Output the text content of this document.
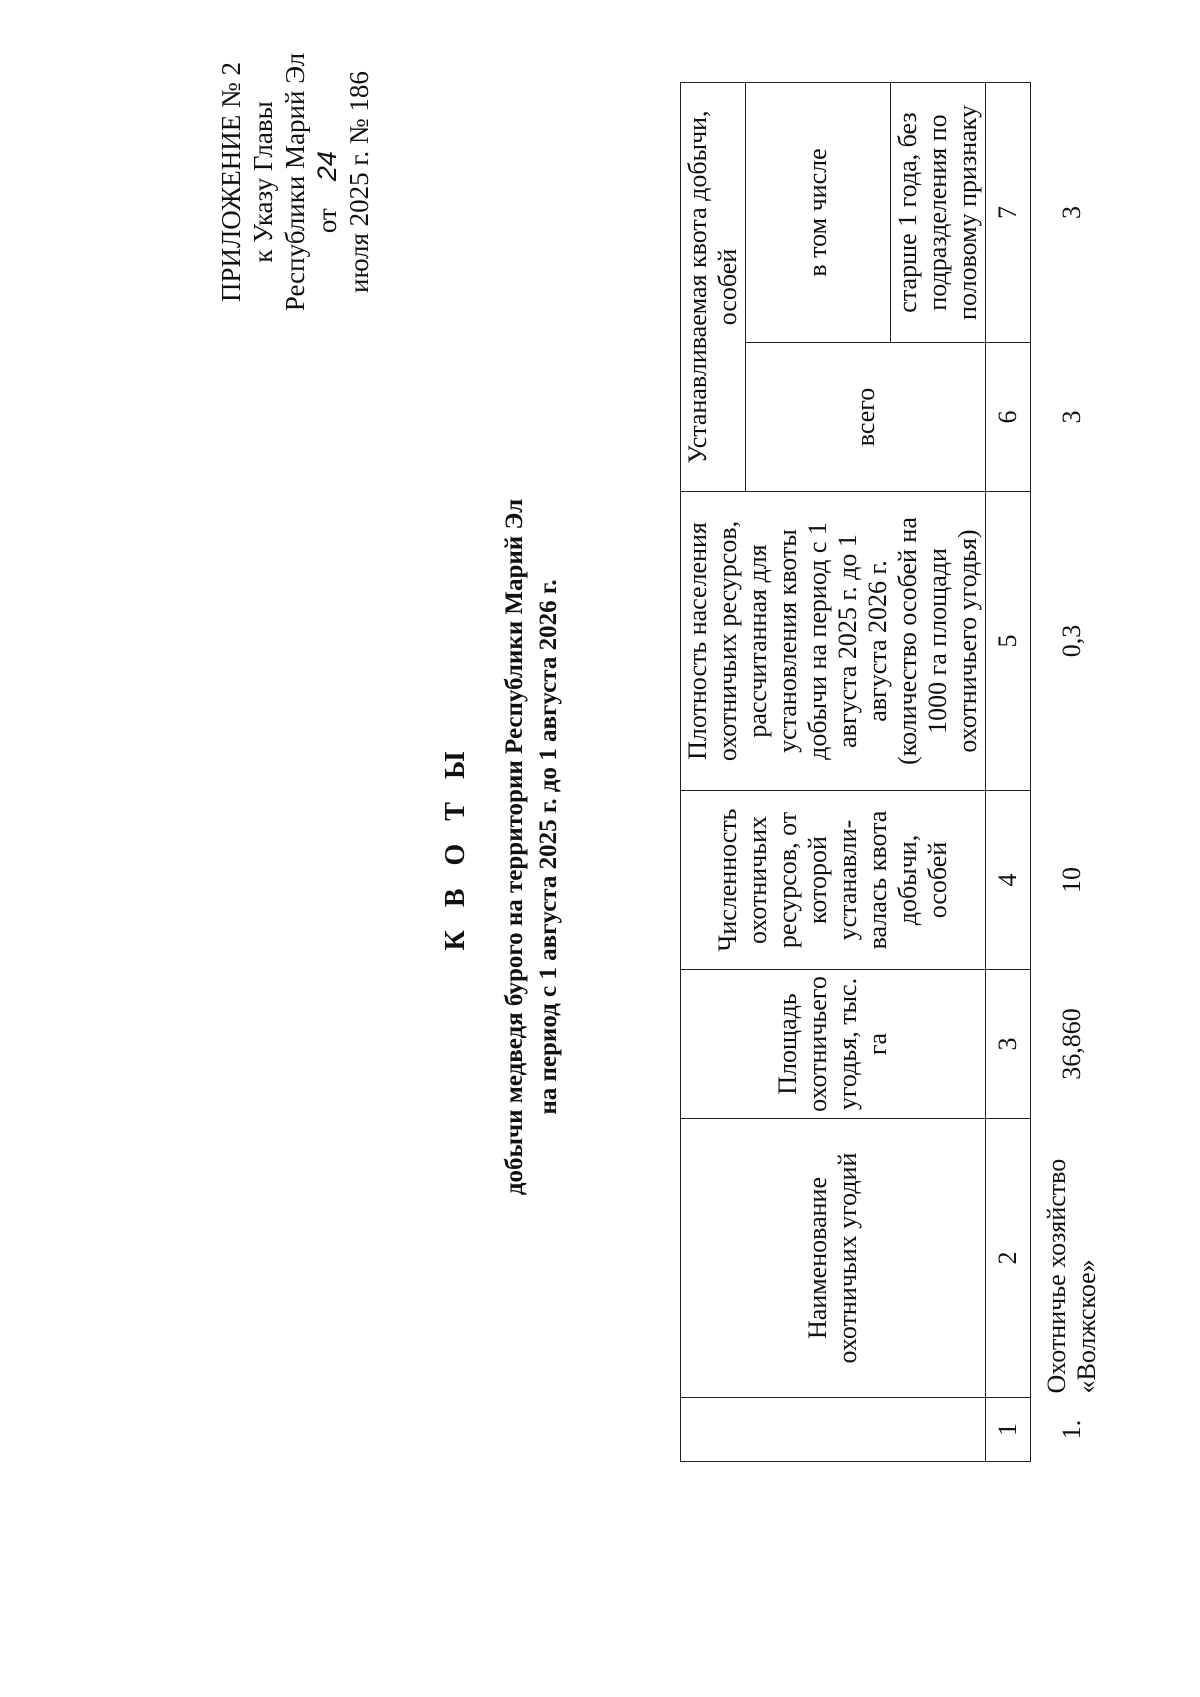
ПРИЛОЖЕНИЕ № 2 к Указу Главы Республики Марий Эл от    24    июля 2025 г. № 186
К В О Т Ы добычи медведя бурого на территории Республики Марий Эл на период с 1 августа 2025 г. до 1 августа 2026 г.
	Наименование охотничьих угодий	Площадь охотничьего угодья, тыс. га	Численность охотничьих ресурсов, от которой устанавли-валась квота добычи, особей	Плотность населения охотничьих ресурсов, рассчитанная для установления квоты добычи на период с 1 августа 2025 г. до 1 августа 2026 г. (количество особей на 1000 га площади охотничьего угодья)	Устанавливаемая квота добычи, особей	
					всего	в том числе
						старше 1 года, без подразделения по половому признаку
1	2	3	4	5	6	7
1.	Охотничье хозяйство «Волжское»	36,860	10	0,3	3	3
